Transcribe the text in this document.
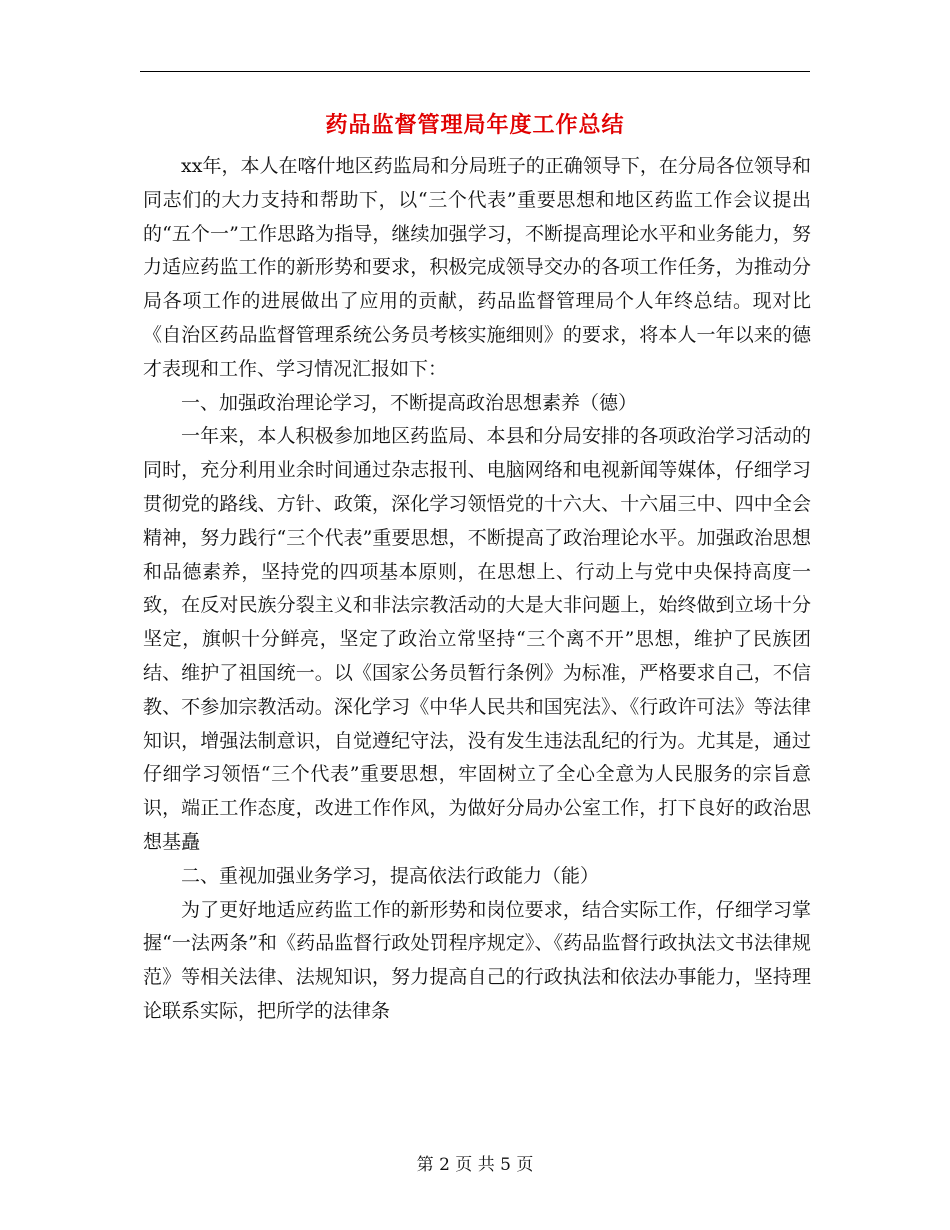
药品监督管理局年度工作总结

xx年，本人在喀什地区药监局和分局班子的正确领导下，在分局各位领导和同志们的大力支持和帮助下，以“三个代表”重要思想和地区药监工作会议提出的“五个一”工作思路为指导，继续加强学习，不断提高理论水平和业务能力，努力适应药监工作的新形势和要求，积极完成领导交办的各项工作任务，为推动分局各项工作的进展做出了应用的贡献，药品监督管理局个人年终总结。现对比《自治区药品监督管理系统公务员考核实施细则》的要求，将本人一年以来的德才表现和工作、学习情况汇报如下：

一、加强政治理论学习，不断提高政治思想素养（德）

一年来，本人积极参加地区药监局、本县和分局安排的各项政治学习活动的同时，充分利用业余时间通过杂志报刊、电脑网络和电视新闻等媒体，仔细学习贯彻党的路线、方针、政策，深化学习领悟党的十六大、十六届三中、四中全会精神，努力践行“三个代表”重要思想，不断提高了政治理论水平。加强政治思想和品德素养，坚持党的四项基本原则，在思想上、行动上与党中央保持高度一致，在反对民族分裂主义和非法宗教活动的大是大非问题上，始终做到立场十分坚定，旗帜十分鲜亮，坚定了政治立常坚持“三个离不开”思想，维护了民族团结、维护了祖国统一。以《国家公务员暂行条例》为标准，严格要求自己，不信教、不参加宗教活动。深化学习《中华人民共和国宪法》、《行政许可法》等法律知识，增强法制意识，自觉遵纪守法，没有发生违法乱纪的行为。尤其是，通过仔细学习领悟“三个代表”重要思想，牢固树立了全心全意为人民服务的宗旨意识，端正工作态度，改进工作作风，为做好分局办公室工作，打下良好的政治思想基矗

二、重视加强业务学习，提高依法行政能力（能）

为了更好地适应药监工作的新形势和岗位要求，结合实际工作，仔细学习掌握“一法两条”和《药品监督行政处罚程序规定》、《药品监督行政执法文书法律规范》等相关法律、法规知识，努力提高自己的行政执法和依法办事能力，坚持理论联系实际，把所学的法律条

第 2 页 共 5 页
